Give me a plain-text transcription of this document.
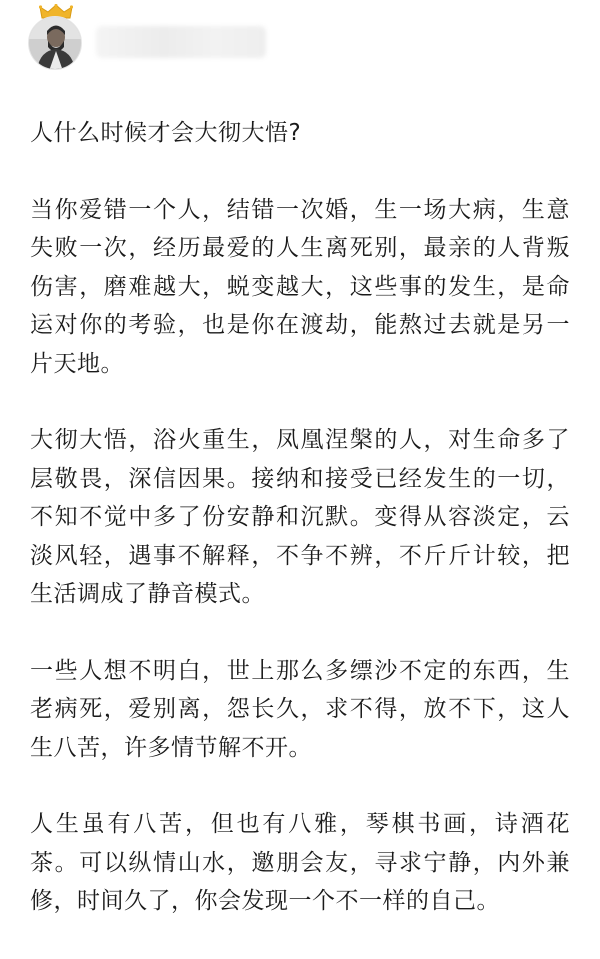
人什么时候才会大彻大悟?

当你爱错一个人，结错一次婚，生一场大病，生意失败一次，经历最爱的人生离死别，最亲的人背叛伤害，磨难越大，蜕变越大，这些事的发生，是命运对你的考验，也是你在渡劫，能熬过去就是另一片天地。

大彻大悟，浴火重生，凤凰涅槃的人，对生命多了层敬畏，深信因果。接纳和接受已经发生的一切，不知不觉中多了份安静和沉默。变得从容淡定，云淡风轻，遇事不解释，不争不辨，不斤斤计较，把生活调成了静音模式。

一些人想不明白，世上那么多缥沙不定的东西，生老病死，爱别离，怨长久，求不得，放不下，这人生八苦，许多情节解不开。

人生虽有八苦，但也有八雅，琴棋书画，诗酒花茶。可以纵情山水，邀朋会友，寻求宁静，内外兼修，时间久了，你会发现一个不一样的自己。
